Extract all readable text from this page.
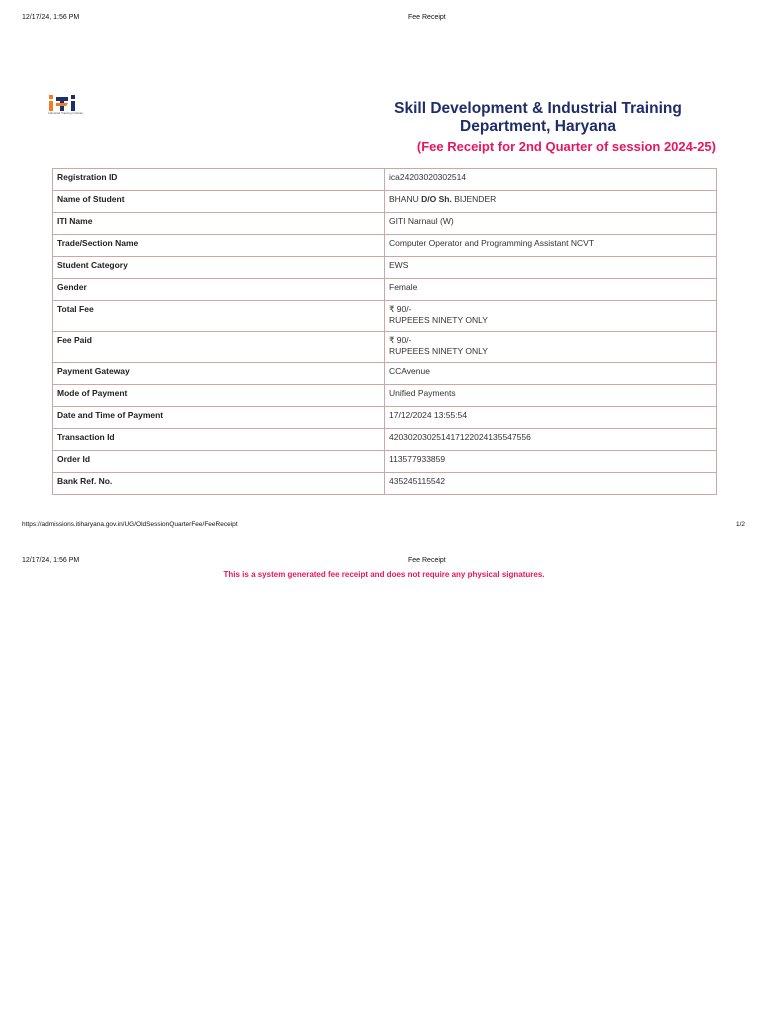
12/17/24, 1:56 PM	Fee Receipt
Industrial Training Institute	Skill Development & Industrial Training
Department, Haryana
(Fee Receipt for 2nd Quarter of session 2024-25)
Registration ID	ica24203020302514
Name of Student	BHANU D/O Sh. BIJENDER
ITI Name	GITI Narnaul (W)
Trade/Section Name	Computer Operator and Programming Assistant NCVT
Student Category	EWS
Gender	Female
Total Fee	₹ 90/-
RUPEEES NINETY ONLY

Fee Paid	₹ 90/-
RUPEEES NINETY ONLY

Payment Gateway	CCAvenue
Mode of Payment	Unified Payments
Date and Time of Payment	17/12/2024 13:55:54
Transaction Id	420302030251417122024135547556
Order Id	113577933859
Bank Ref. No.	435245115542
https://admissions.itiharyana.gov.in/UG/OldSessionQuarterFee/FeeReceipt	1/2
12/17/24, 1:56 PM	Fee Receipt
This is a system generated fee receipt and does not require any physical signatures.
